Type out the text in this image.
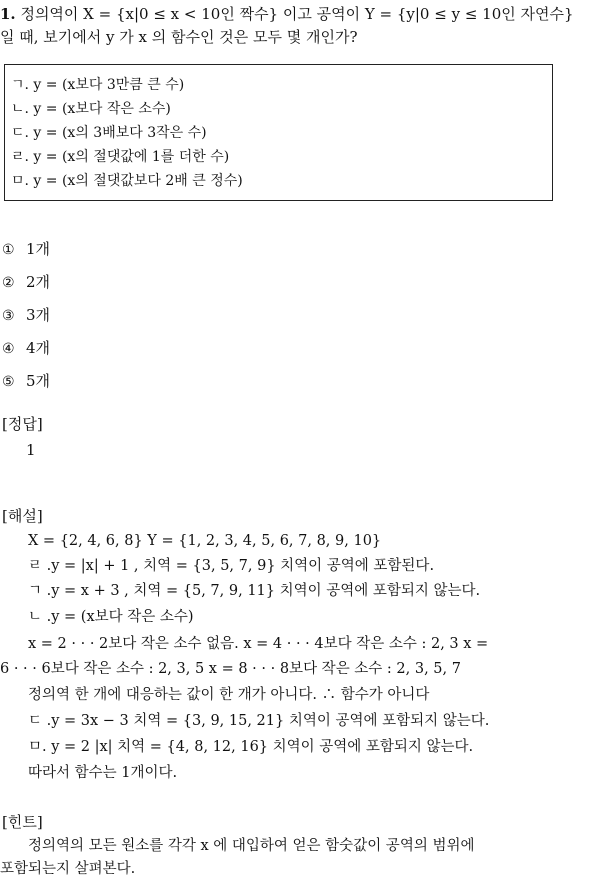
1. 정의역이 X = {x|0 ≤ x < 10인 짝수} 이고 공역이 Y = {y|0 ≤ y ≤ 10인 자연수}
일 때, 보기에서 y 가 x 의 함수인 것은 모두 몇 개인가?
ㄱ. y = (x보다 3만큼 큰 수)
ㄴ. y = (x보다 작은 소수)
ㄷ. y = (x의 3배보다 3작은 수)
ㄹ. y = (x의 절댓값에 1를 더한 수)
ㅁ. y = (x의 절댓값보다 2배 큰 정수)
① 1개
② 2개
③ 3개
④ 4개
⑤ 5개
[정답]
1
[해설]
X = {2, 4, 6, 8} Y = {1, 2, 3, 4, 5, 6, 7, 8, 9, 10}
ㄹ .y = |x| + 1 , 치역 = {3, 5, 7, 9} 치역이 공역에 포함된다.
ㄱ .y = x + 3 , 치역 = {5, 7, 9, 11} 치역이 공역에 포함되지 않는다.
ㄴ .y = (x보다 작은 소수)
x = 2 · · · 2보다 작은 소수 없음. x = 4 · · · 4보다 작은 소수 : 2, 3 x =
6 · · · 6보다 작은 소수 : 2, 3, 5 x = 8 · · · 8보다 작은 소수 : 2, 3, 5, 7
정의역 한 개에 대응하는 값이 한 개가 아니다. ∴ 함수가 아니다
ㄷ .y = 3x − 3 치역 = {3, 9, 15, 21} 치역이 공역에 포함되지 않는다.
ㅁ. y = 2 |x| 치역 = {4, 8, 12, 16} 치역이 공역에 포함되지 않는다.
따라서 함수는 1개이다.
[힌트]
정의역의 모든 원소를 각각 x 에 대입하여 얻은 함숫값이 공역의 범위에
포함되는지 살펴본다.
